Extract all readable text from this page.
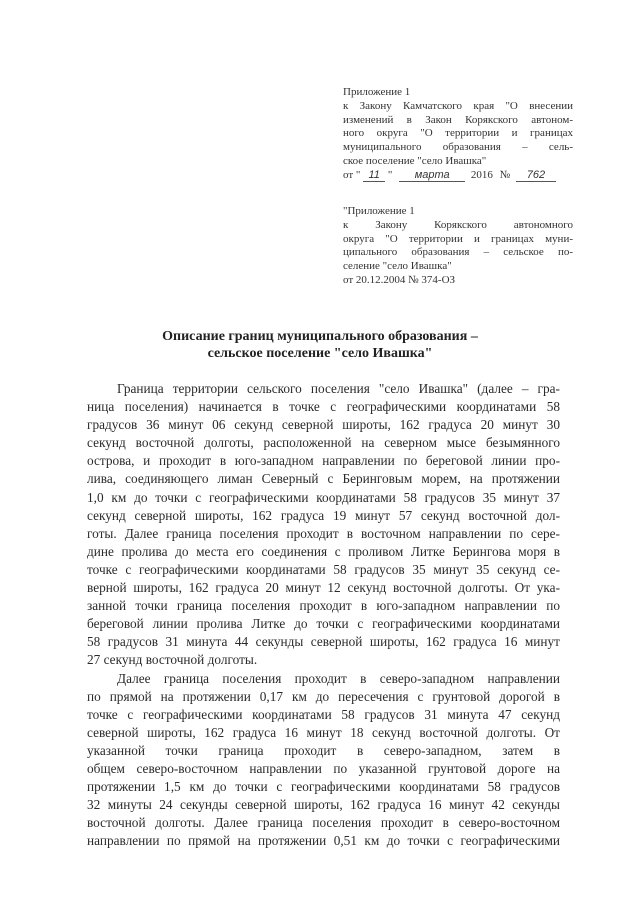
Приложение 1
к Закону Камчатского края "О внесении
изменений в Закон Корякского автоном-
ного округа "О территории и границах
муниципального образования – сель-
ское поселение "село Ивашка"
от " 11 " марта 2016 № 762
"Приложение 1
к Закону Корякского автономного
округа "О территории и границах муни-
ципального образования – сельское по-
селение "село Ивашка"
от 20.12.2004 № 374-ОЗ
Описание границ муниципального образования –
сельское поселение "село Ивашка"
Граница территории сельского поселения "село Ивашка" (далее – гра-
ница поселения) начинается в точке с географическими координатами 58
градусов 36 минут 06 секунд северной широты, 162 градуса 20 минут 30
секунд восточной долготы, расположенной на северном мысе безымянного
острова, и проходит в юго-западном направлении по береговой линии про-
лива, соединяющего лиман Северный с Беринговым морем, на протяжении
1,0 км до точки с географическими координатами 58 градусов 35 минут 37
секунд северной широты, 162 градуса 19 минут 57 секунд восточной дол-
готы. Далее граница поселения проходит в восточном направлении по сере-
дине пролива до места его соединения с проливом Литке Берингова моря в
точке с географическими координатами 58 градусов 35 минут 35 секунд се-
верной широты, 162 градуса 20 минут 12 секунд восточной долготы. От ука-
занной точки граница поселения проходит в юго-западном направлении по
береговой линии пролива Литке до точки с географическими координатами
58 градусов 31 минута 44 секунды северной широты, 162 градуса 16 минут
27 секунд восточной долготы.
Далее граница поселения проходит в северо-западном направлении
по прямой на протяжении 0,17 км до пересечения с грунтовой дорогой в
точке с географическими координатами 58 градусов 31 минута 47 секунд
северной широты, 162 градуса 16 минут 18 секунд восточной долготы. От
указанной точки граница проходит в северо-западном, затем в
общем северо-восточном направлении по указанной грунтовой дороге на
протяжении 1,5 км до точки с географическими координатами 58 градусов
32 минуты 24 секунды северной широты, 162 градуса 16 минут 42 секунды
восточной долготы. Далее граница поселения проходит в северо-восточном
направлении по прямой на протяжении 0,51 км до точки с географическими
